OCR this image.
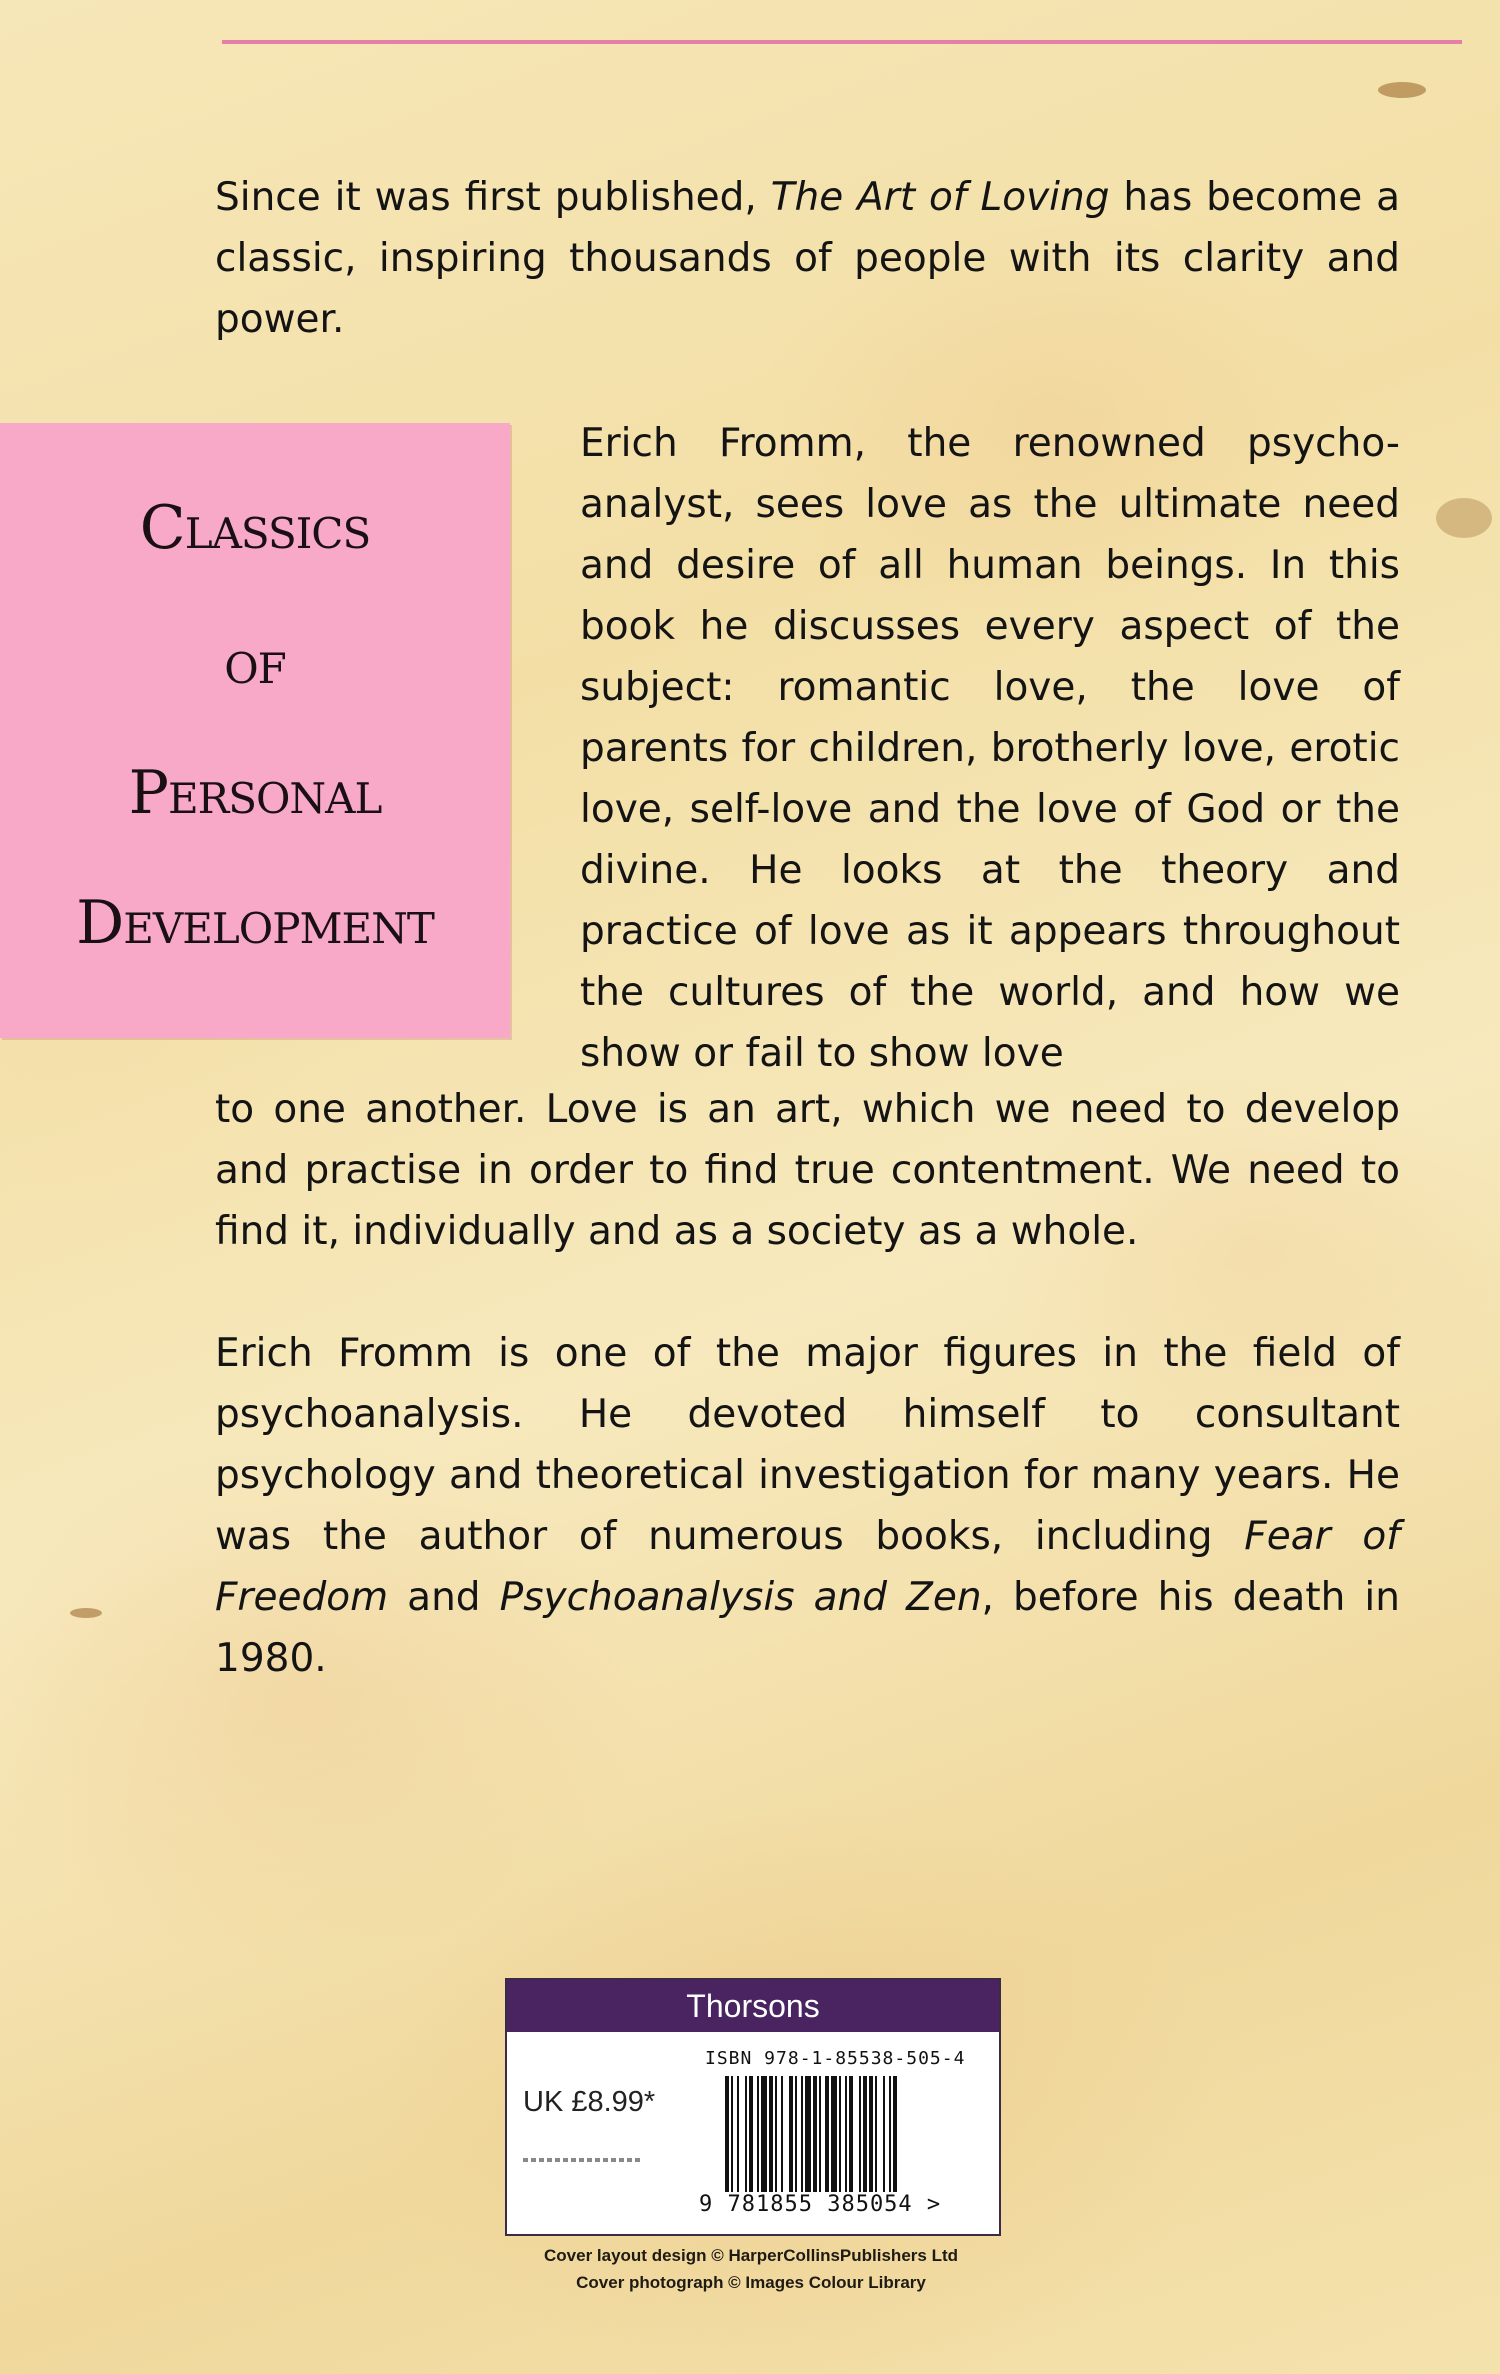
Since it was first published, The Art of Loving has become a classic, inspiring thousands of people with its clarity and power.

Classics
of
Personal
Development

Erich Fromm, the renowned psycho-analyst, sees love as the ultimate need and desire of all human beings. In this book he discusses every aspect of the subject: romantic love, the love of parents for children, brotherly love, erotic love, self-love and the love of God or the divine. He looks at the theory and practice of love as it appears throughout the cultures of the world, and how we show or fail to show love

to one another. Love is an art, which we need to develop and practise in order to find true contentment. We need to find it, individually and as a society as a whole.

Erich Fromm is one of the major figures in the field of psychoanalysis. He devoted himself to consultant psychology and theoretical investigation for many years. He was the author of numerous books, including Fear of Freedom and Psychoanalysis and Zen, before his death in 1980.

Thorsons
ISBN 978-1-85538-505-4
UK £8.99*
9 781855 385054 >

Cover layout design © HarperCollinsPublishers Ltd

Cover photograph © Images Colour Library
